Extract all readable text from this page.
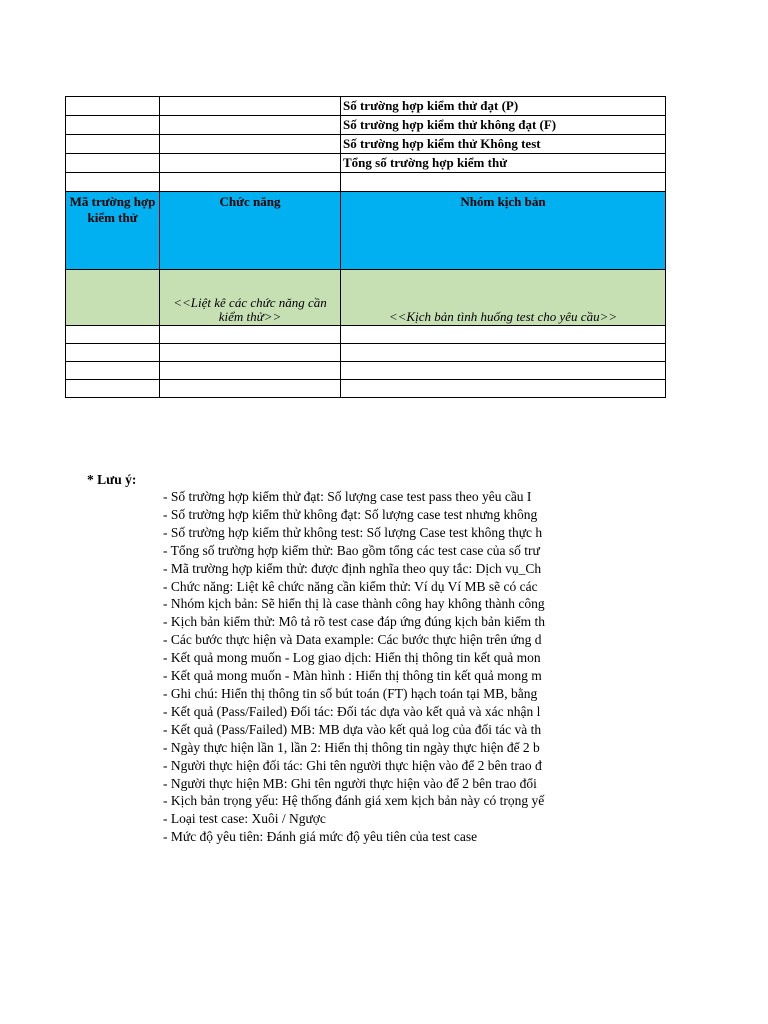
		Số trường hợp kiểm thử đạt (P)
		Số trường hợp kiểm thử không đạt (F)
		Số trường hợp kiểm thử Không test
		Tổng số trường hợp kiểm thử

Mã trường hợp kiểm thử	Chức năng	Nhóm kịch bản
	<<Liệt kê các chức năng cần kiểm thử>>	<<Kịch bản tình huống test cho yêu cầu>>

* Lưu ý:
- Số trường hợp kiểm thử đạt: Số lượng case test pass theo yêu cầu I
- Số trường hợp kiểm thử không đạt: Số lượng case test nhưng không
- Số trường hợp kiểm thử không test: Số lượng Case test không thực h
- Tổng số trường hợp kiểm thử: Bao gồm tổng các test case của số trư
- Mã trường hợp kiểm thử: được định nghĩa theo quy tắc: Dịch vụ_Ch
- Chức năng: Liệt kê chức năng cần kiểm thử: Ví dụ Ví MB sẽ có các
- Nhóm kịch bản: Sẽ hiển thị là case thành công hay không thành công
- Kịch bản kiểm thử: Mô tả rõ test case đáp ứng đúng kịch bản kiểm th
- Các bước thực hiện và Data example: Các bước thực hiện trên ứng d
- Kết quả mong muốn - Log giao dịch: Hiển thị thông tin kết quả mon
- Kết quả mong muốn - Màn hình : Hiển thị thông tin kết quả mong m
- Ghi chú: Hiển thị thông tin số bút toán (FT) hạch toán tại MB, bằng
- Kết quả (Pass/Failed) Đối tác: Đối tác dựa vào kết quả và xác nhận l
- Kết quả (Pass/Failed) MB: MB dựa vào kết quả log của đối tác và th
- Ngày thực hiện lần 1, lần 2: Hiển thị thông tin ngày thực hiện để 2 b
- Người thực hiện đối tác: Ghi tên người thực hiện vào để 2 bên trao đ
- Người thực hiện MB: Ghi tên người thực hiện vào để 2 bên trao đổi
- Kịch bản trọng yếu: Hệ thống đánh giá xem kịch bản này có trọng yế
- Loại test case: Xuôi / Ngược
- Mức độ yêu tiên: Đánh giá mức độ yêu tiên của test case
